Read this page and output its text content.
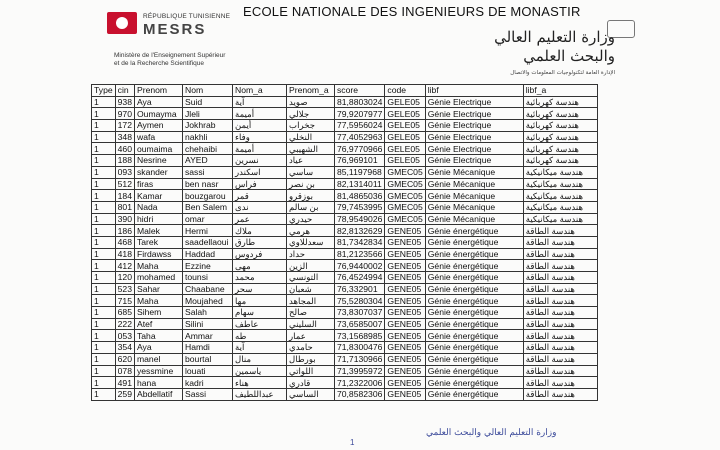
RÉPUBLIQUE TUNISIENNE
MESRS
Ministère de l'Enseignement Supérieur
et de la Recherche Scientifique
ECOLE NATIONALE DES INGENIEURS DE MONASTIR
وزارة التعليم العالي
والبحث العلمي
الإدارة العامة لتكنولوجيات المعلومات والاتصال
Type	cin	Prenom	Nom	Nom_a	Prenom_a	score	code	libf	libf_a
1	938	Aya	Suid	آية	صويد	81,8803024	GELE05	Génie Electrique	هندسة كهربائية
1	970	Oumayma	Jleli	أميمة	جلالي	79,9207977	GELE05	Génie Electrique	هندسة كهربائية
1	172	Aymen	Jokhrab	أيمن	جخراب	77,5956024	GELE05	Génie Electrique	هندسة كهربائية
1	348	wafa	nakhli	وفاء	النخلي	77,4052963	GELE05	Génie Electrique	هندسة كهربائية
1	460	oumaima	chehaibi	أميمة	الشهيبي	76,9770966	GELE05	Génie Electrique	هندسة كهربائية
1	188	Nesrine	AYED	نسرين	عياد	76,969101	GELE05	Génie Electrique	هندسة كهربائية
1	093	skander	sassi	اسكندر	ساسي	85,1197968	GMEC05	Génie Mécanique	هندسة ميكانيكية
1	512	firas	ben nasr	فراس	بن نصر	82,1314011	GMEC05	Génie Mécanique	هندسة ميكانيكية
1	184	Kamar	bouzgarou	قمر	بوزقرو	81,4865036	GMEC05	Génie Mécanique	هندسة ميكانيكية
1	801	Nada	Ben Salem	ندى	بن سالم	79,7453995	GMEC05	Génie Mécanique	هندسة ميكانيكية
1	390	hidri	omar	عمر	حيدري	78,9549026	GMEC05	Génie Mécanique	هندسة ميكانيكية
1	186	Malek	Hermi	ملاك	هرمي	82,8132629	GENE05	Génie énergétique	هندسة الطاقة
1	468	Tarek	saadellaoui	طارق	سعدللاوي	81,7342834	GENE05	Génie énergétique	هندسة الطاقة
1	418	Firdawss	Haddad	فردوس	حداد	81,2123566	GENE05	Génie énergétique	هندسة الطاقة
1	412	Maha	Ezzine	مهى	الزين	76,9440002	GENE05	Génie énergétique	هندسة الطاقة
1	120	mohamed	tounsi	محمد	التونسي	76,4524994	GENE05	Génie énergétique	هندسة الطاقة
1	523	Sahar	Chaabane	سحر	شعبان	76,332901	GENE05	Génie énergétique	هندسة الطاقة
1	715	Maha	Moujahed	مها	المجاهد	75,5280304	GENE05	Génie énergétique	هندسة الطاقة
1	685	Sihem	Salah	سهام	صالح	73,8307037	GENE05	Génie énergétique	هندسة الطاقة
1	222	Atef	Silini	عاطف	السليني	73,6585007	GENE05	Génie énergétique	هندسة الطاقة
1	053	Taha	Ammar	طه	عمار	73,1568985	GENE05	Génie énergétique	هندسة الطاقة
1	354	Aya	Hamdi	آية	حامدي	71,8300476	GENE05	Génie énergétique	هندسة الطاقة
1	620	manel	bourtal	منال	بورطال	71,7130966	GENE05	Génie énergétique	هندسة الطاقة
1	078	yessmine	louati	ياسمين	اللواتي	71,3995972	GENE05	Génie énergétique	هندسة الطاقة
1	491	hana	kadri	هناء	قادري	71,2322006	GENE05	Génie énergétique	هندسة الطاقة
1	259	Abdellatif	Sassi	عبداللطيف	الساسي	70,8582306	GENE05	Génie énergétique	هندسة الطاقة
1
وزارة التعليم العالي والبحث العلمي
